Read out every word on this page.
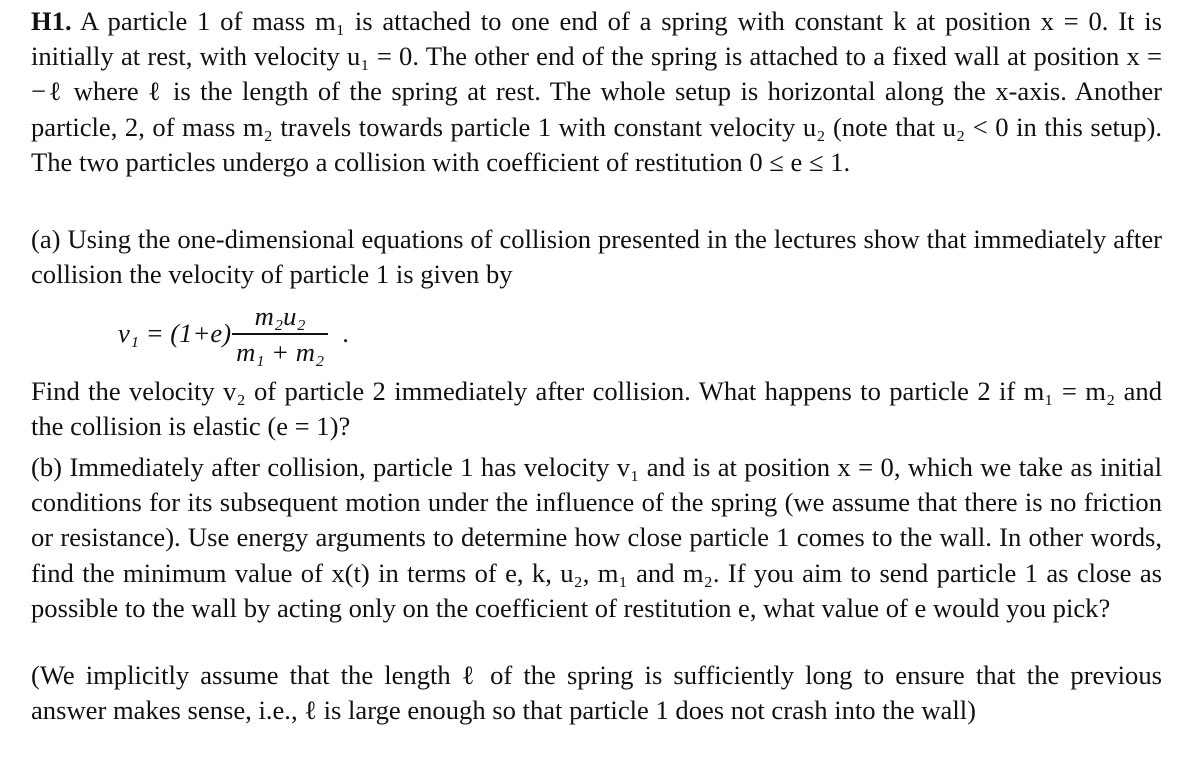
H1. A particle 1 of mass m₁ is attached to one end of a spring with constant k at position x = 0. It is initially at rest, with velocity u₁ = 0. The other end of the spring is attached to a fixed wall at position x = −ℓ where ℓ is the length of the spring at rest. The whole setup is horizontal along the x-axis. Another particle, 2, of mass m₂ travels towards particle 1 with constant velocity u₂ (note that u₂ < 0 in this setup). The two particles undergo a collision with coefficient of restitution 0 ≤ e ≤ 1.

(a) Using the one-dimensional equations of collision presented in the lectures show that immediately after collision the velocity of particle 1 is given by

$v_1 = (1+e) \frac{\text{m₂u₂}}{\text{m₁ + m₂}}$ .

Find the velocity v₂ of particle 2 immediately after collision. What happens to particle 2 if m₁ = m₂ and the collision is elastic (e = 1)?

(b) Immediately after collision, particle 1 has velocity v₁ and is at position x = 0, which we take as initial conditions for its subsequent motion under the influence of the spring (we assume that there is no friction or resistance). Use energy arguments to determine how close particle 1 comes to the wall. In other words, find the minimum value of x(t) in terms of e, k, u₂, m₁ and m₂. If you aim to send particle 1 as close as possible to the wall by acting only on the coefficient of restitution e, what value of e would you pick?

(We implicitly assume that the length ℓ of the spring is sufficiently long to ensure that the previous answer makes sense, i.e., ℓ is large enough so that particle 1 does not crash into the wall)
